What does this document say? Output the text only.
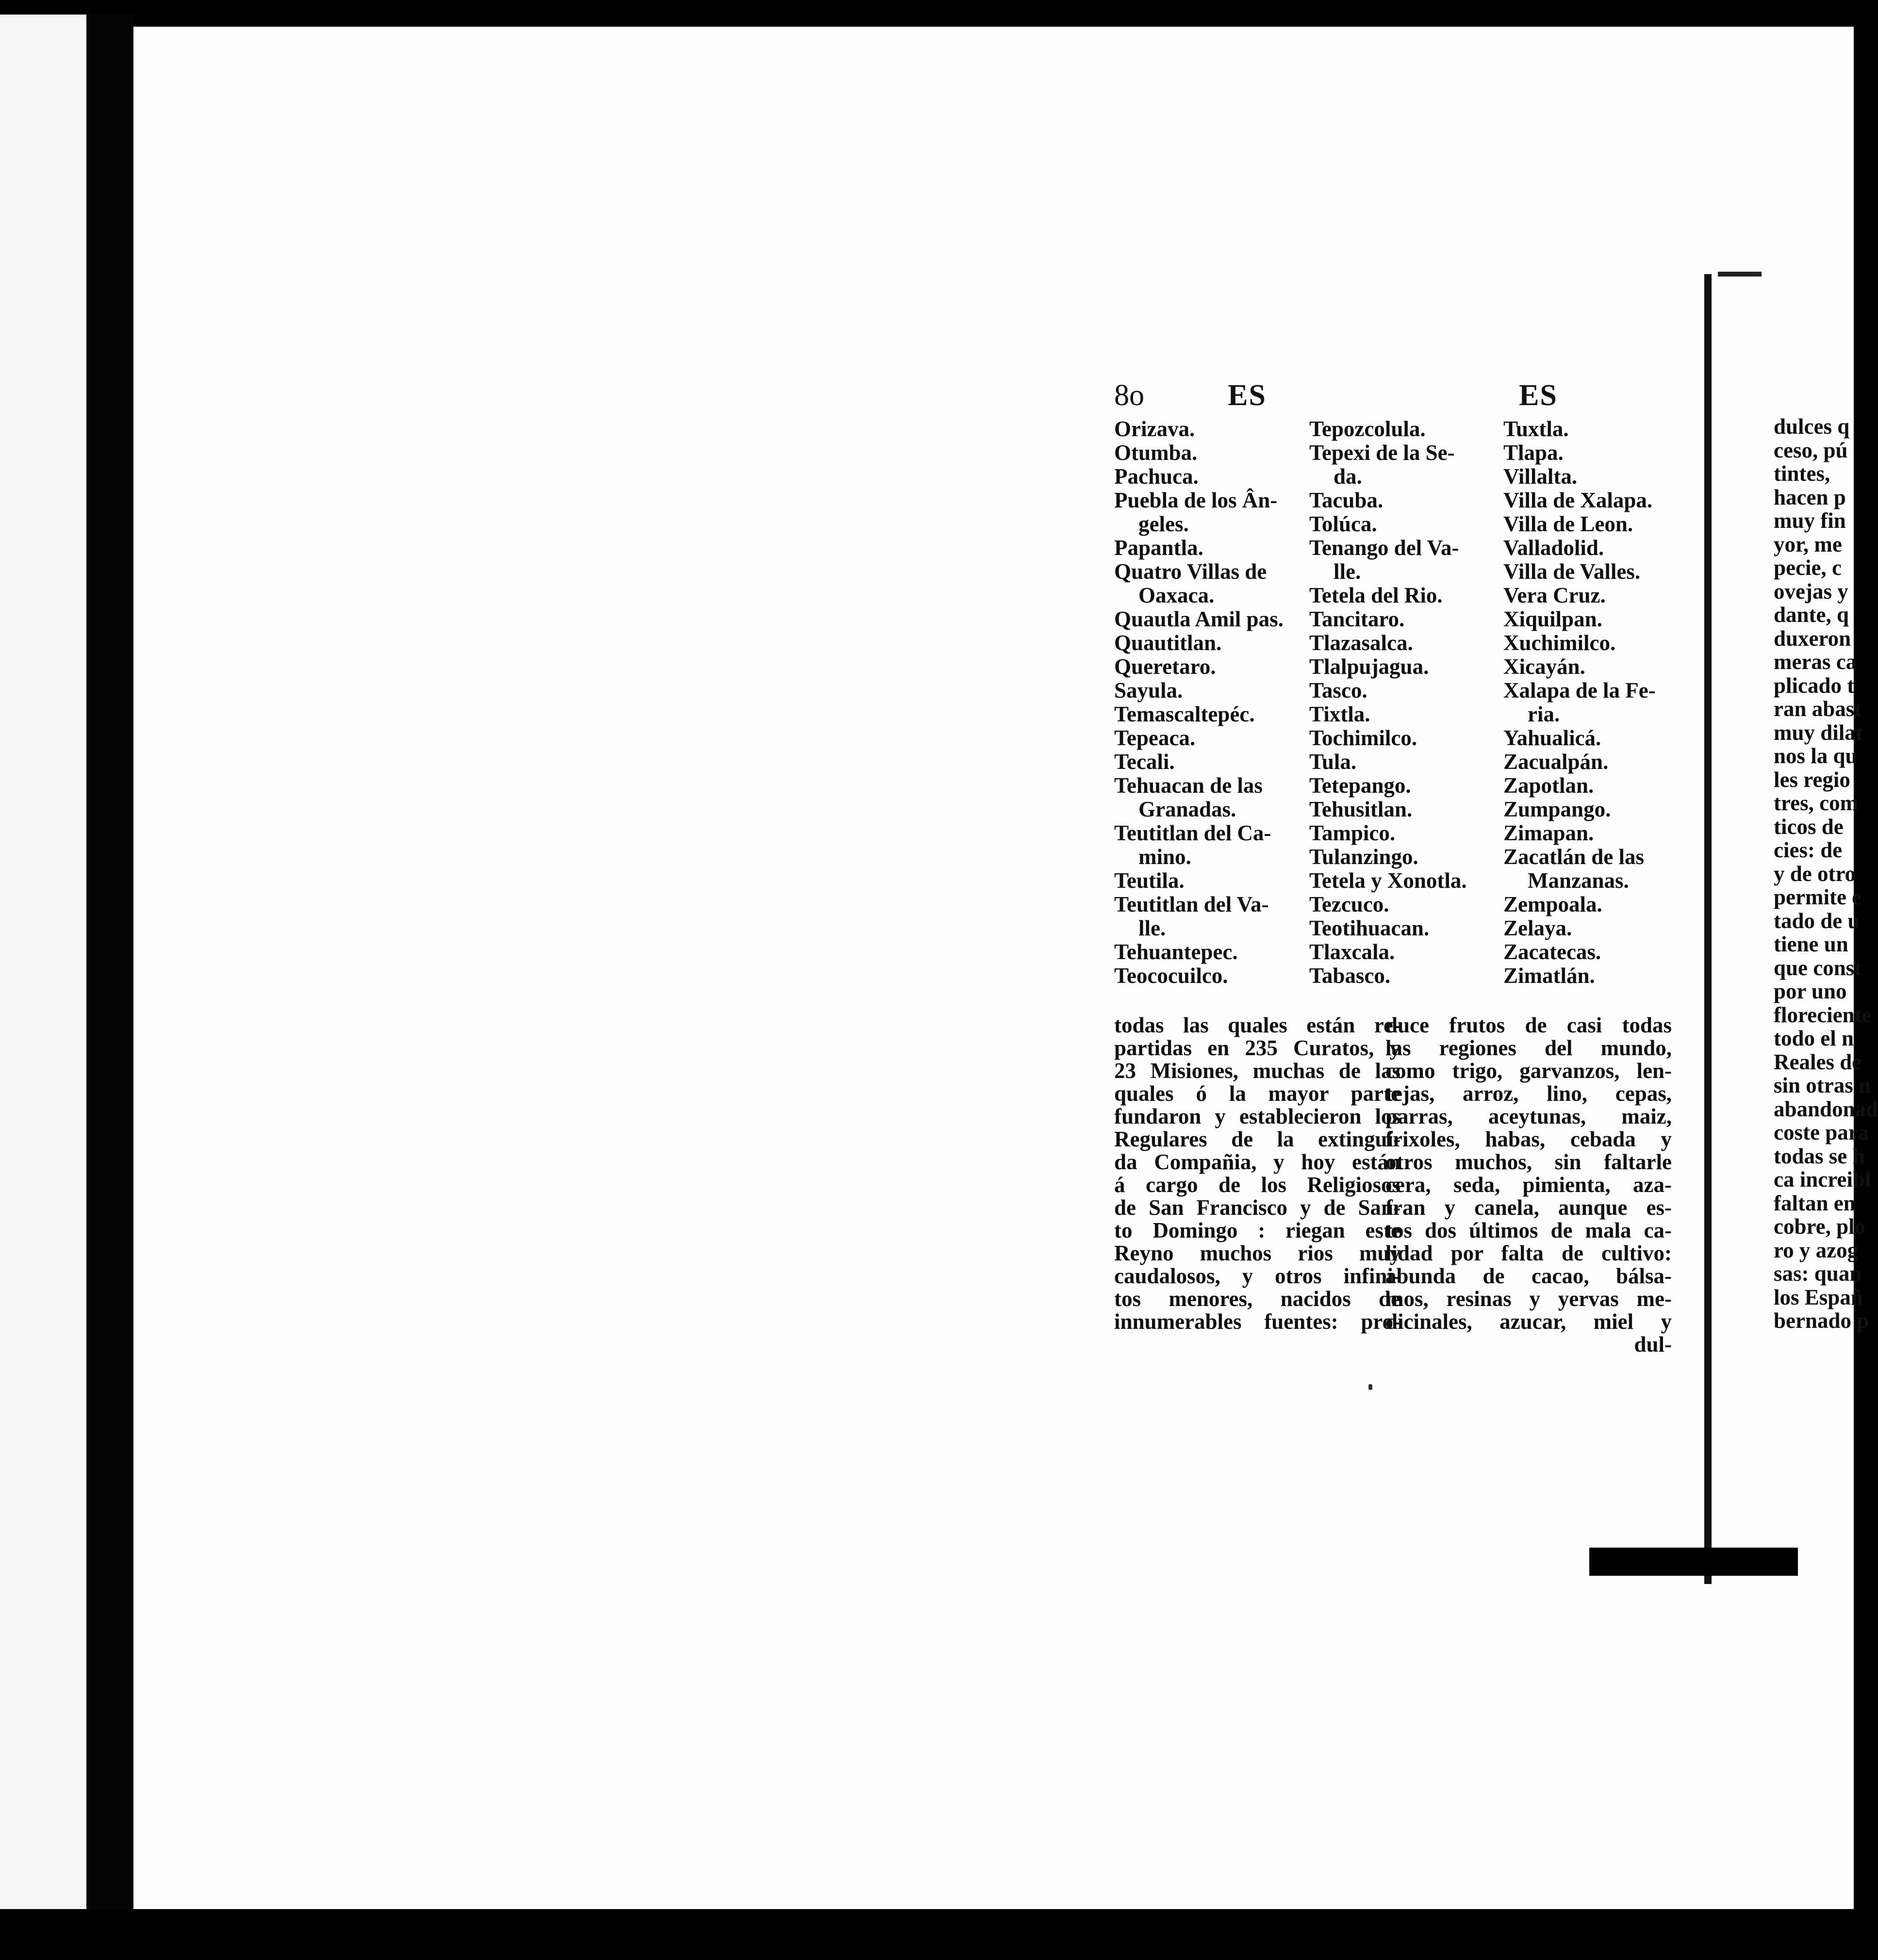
8o	ES	ES
Orizava.
Otumba.
Pachuca.
Puebla de los Ân-
geles.
Papantla.
Quatro Villas de
Oaxaca.
Quautla Amil pas.
Quautitlan.
Queretaro.
Sayula.
Temascaltepéc.
Tepeaca.
Tecali.
Tehuacan de las
Granadas.
Teutitlan del Ca-
mino.
Teutila.
Teutitlan del Va-
lle.
Tehuantepec.
Teococuilco.
Tepozcolula.
Tepexi de la Se-
da.
Tacuba.
Tolúca.
Tenango del Va-
lle.
Tetela del Rio.
Tancitaro.
Tlazasalca.
Tlalpujagua.
Tasco.
Tixtla.
Tochimilco.
Tula.
Tetepango.
Tehusitlan.
Tampico.
Tulanzingo.
Tetela y Xonotla.
Tezcuco.
Teotihuacan.
Tlaxcala.
Tabasco.
Tuxtla.
Tlapa.
Villalta.
Villa de Xalapa.
Villa de Leon.
Valladolid.
Villa de Valles.
Vera Cruz.
Xiquilpan.
Xuchimilco.
Xicayán.
Xalapa de la Fe-
ria.
Yahualicá.
Zacualpán.
Zapotlan.
Zumpango.
Zimapan.
Zacatlán de las
Manzanas.
Zempoala.
Zelaya.
Zacatecas.
Zimatlán.
todas las quales están re-
partidas en 235 Curatos, y
23 Misiones, muchas de las
quales ó la mayor parte
fundaron y establecieron los
Regulares de la extingui-
da Compañia, y hoy están
á cargo de los Religiosos
de San Francisco y de San-
to Domingo : riegan este
Reyno muchos rios muy
caudalosos, y otros infini-
tos menores, nacidos de
innumerables fuentes: pro-
duce frutos de casi todas
las regiones del mundo,
como trigo, garvanzos, len-
tejas, arroz, lino, cepas,
parras, aceytunas, maiz,
frixoles, habas, cebada y
otros muchos, sin faltarle
cera, seda, pimienta, aza-
fran y canela, aunque es-
tos dos últimos de mala ca-
lidad por falta de cultivo:
abunda de cacao, bálsa-
mos, resinas y yervas me-
dicinales, azucar, miel y
dul-
dulces q
ceso, pú
tintes,
hacen p
muy fin
yor, me
pecie, c
ovejas y
dante, q
duxeron
meras ca
plicado t
ran abast
muy dilat
nos la qu
les regio
tres, com
ticos de
cies: de
y de otro
permite e
tado de u
tiene un
que const
por uno
floreciente
todo el n
Reales de
sin otras n
abandonad
coste para
todas se h
ca increibl
faltan en
cobre, plo
ro y azog
sas: quan
los Españ
bernado p
